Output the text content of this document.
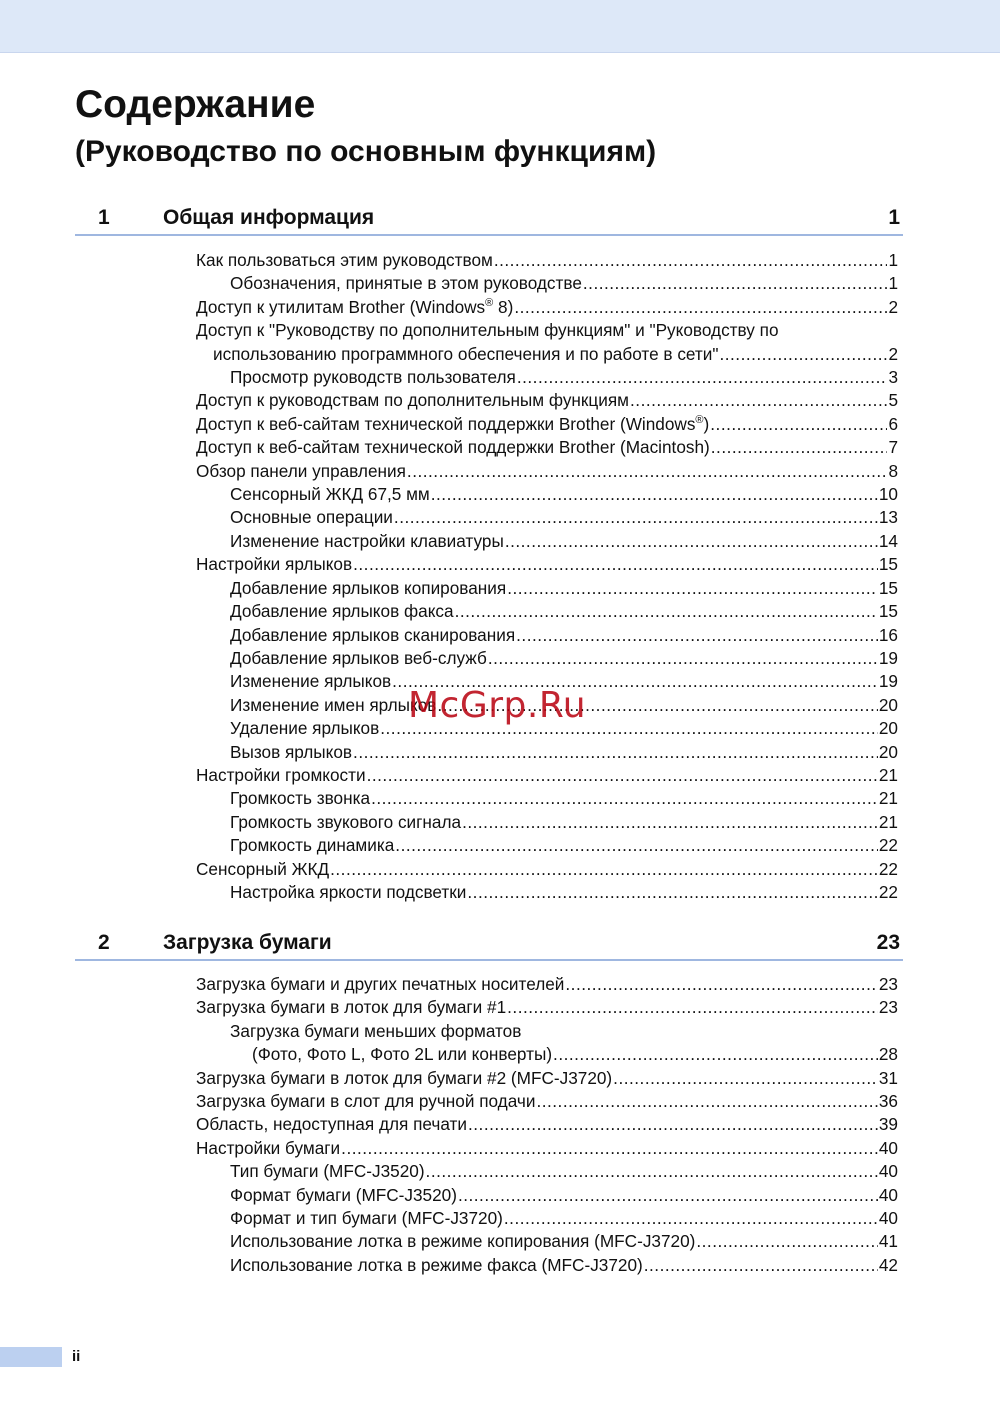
Содержание
(Руководство по основным функциям)
1	Общая информация	1
Как пользоваться этим руководством .....	1
Обозначения, принятые в этом руководстве .....	1
Доступ к утилитам Brother (Windows® 8) .....	2
Доступ к "Руководству по дополнительным функциям" и "Руководству по
использованию программного обеспечения и по работе в сети" .....	2
Просмотр руководств пользователя .....	3
Доступ к руководствам по дополнительным функциям .....	5
Доступ к веб-сайтам технической поддержки Brother (Windows®) .....	6
Доступ к веб-сайтам технической поддержки Brother (Macintosh) .....	7
Обзор панели управления .....	8
Сенсорный ЖКД 67,5 мм .....	10
Основные операции .....	13
Изменение настройки клавиатуры .....	14
Настройки ярлыков .....	15
Добавление ярлыков копирования .....	15
Добавление ярлыков факса .....	15
Добавление ярлыков сканирования .....	16
Добавление ярлыков веб-служб .....	19
Изменение ярлыков .....	19
Изменение имен ярлыков .....	20
Удаление ярлыков .....	20
Вызов ярлыков .....	20
Настройки громкости .....	21
Громкость звонка .....	21
Громкость звукового сигнала .....	21
Громкость динамика .....	22
Сенсорный ЖКД .....	22
Настройка яркости подсветки .....	22
2	Загрузка бумаги	23
Загрузка бумаги и других печатных носителей .....	23
Загрузка бумаги в лоток для бумаги #1 .....	23
Загрузка бумаги меньших форматов
(Фото, Фото L, Фото 2L или конверты) .....	28
Загрузка бумаги в лоток для бумаги #2 (MFC-J3720) .....	31
Загрузка бумаги в слот для ручной подачи .....	36
Область, недоступная для печати .....	39
Настройки бумаги .....	40
Тип бумаги (MFC-J3520) .....	40
Формат бумаги (MFC-J3520) .....	40
Формат и тип бумаги (MFC-J3720) .....	40
Использование лотка в режиме копирования (MFC-J3720) .....	41
Использование лотка в режиме факса (MFC-J3720) .....	42
McGrp.Ru
ii
